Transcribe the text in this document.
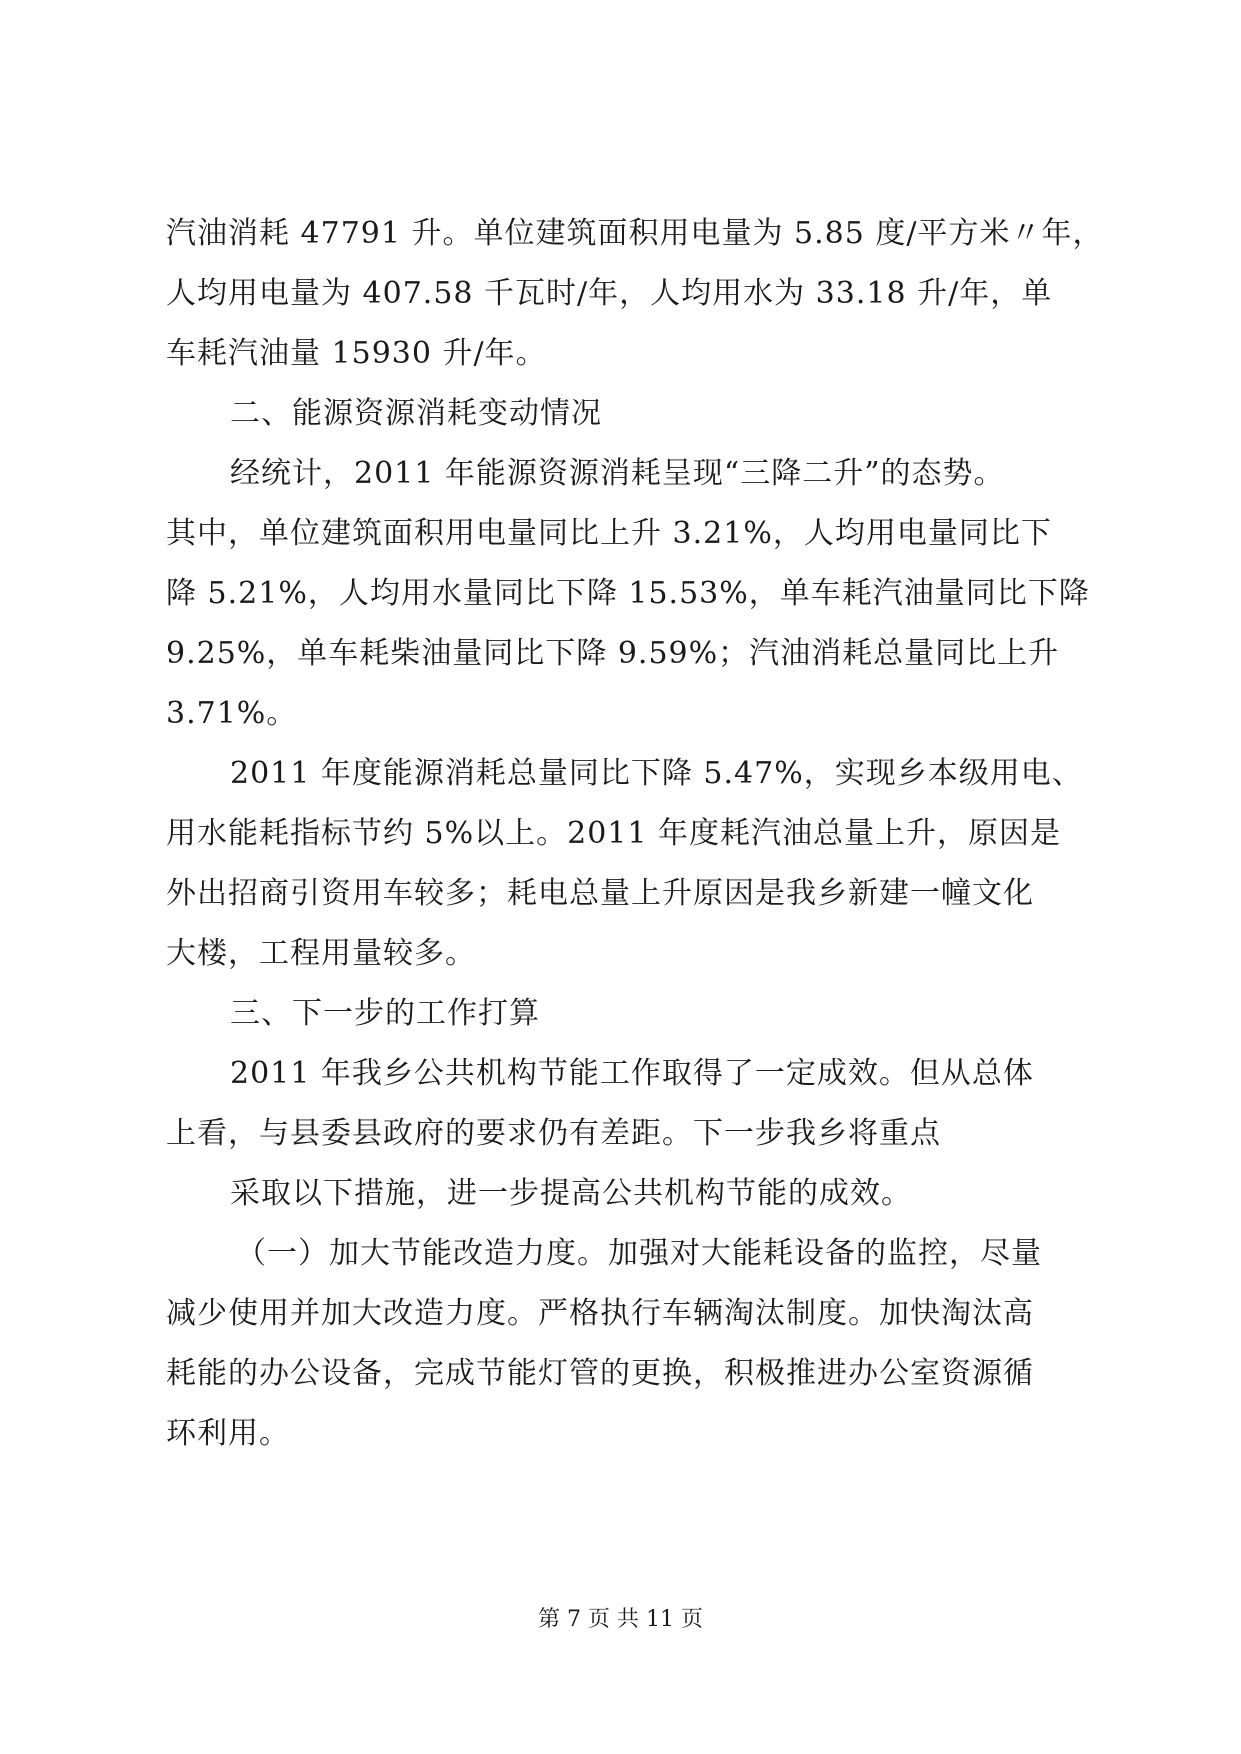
汽油消耗 47791 升。单位建筑面积用电量为 5.85 度/平方米〃年，
人均用电量为 407.58 千瓦时/年，人均用水为 33.18 升/年，单
车耗汽油量 15930 升/年。
二、能源资源消耗变动情况
经统计，2011 年能源资源消耗呈现“三降二升”的态势。
其中，单位建筑面积用电量同比上升 3.21%，人均用电量同比下
降 5.21%，人均用水量同比下降 15.53%，单车耗汽油量同比下降
9.25%，单车耗柴油量同比下降 9.59%；汽油消耗总量同比上升
3.71%。
2011 年度能源消耗总量同比下降 5.47%，实现乡本级用电、
用水能耗指标节约 5%以上。2011 年度耗汽油总量上升，原因是
外出招商引资用车较多；耗电总量上升原因是我乡新建一幢文化
大楼，工程用量较多。
三、下一步的工作打算
2011 年我乡公共机构节能工作取得了一定成效。但从总体
上看，与县委县政府的要求仍有差距。下一步我乡将重点
采取以下措施，进一步提高公共机构节能的成效。
（一）加大节能改造力度。加强对大能耗设备的监控，尽量
减少使用并加大改造力度。严格执行车辆淘汰制度。加快淘汰高
耗能的办公设备，完成节能灯管的更换，积极推进办公室资源循
环利用。
第 7 页 共 11 页
